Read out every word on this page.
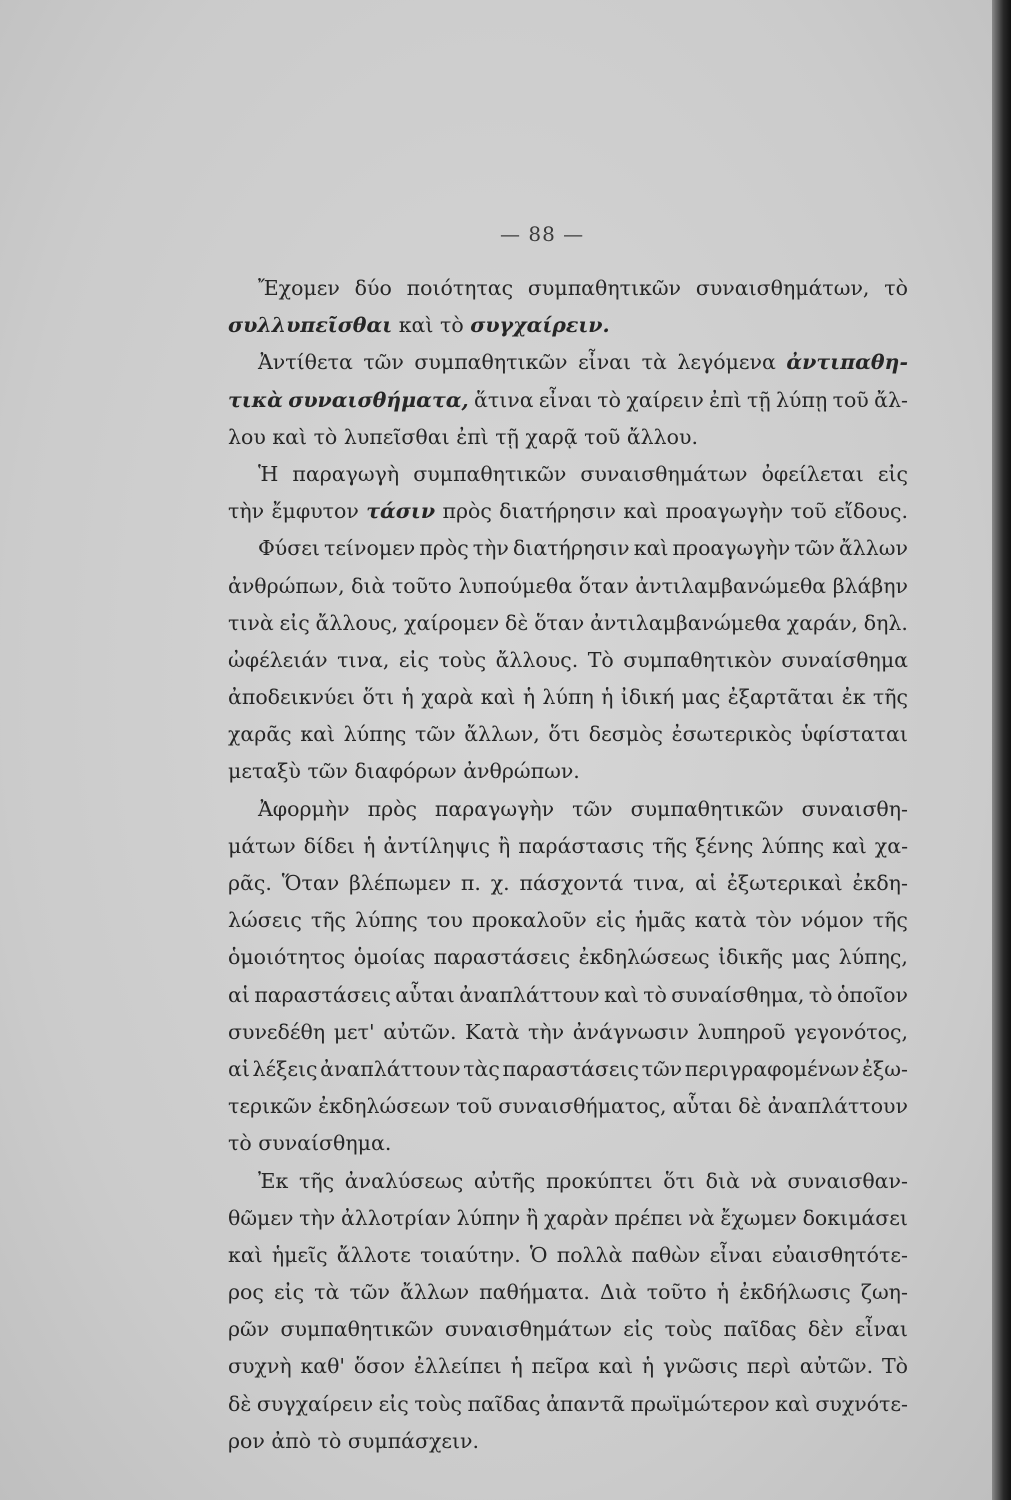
— 88 —
Ἔχομεν δύο ποιότητας συμπαθητικῶν συναισθημάτων, τὸ
συλλυπεῖσθαι καὶ τὸ συγχαίρειν.
Ἀντίθετα τῶν συμπαθητικῶν εἶναι τὰ λεγόμενα ἀντιπαθη-
τικὰ συναισθήματα, ἅτινα εἶναι τὸ χαίρειν ἐπὶ τῇ λύπῃ τοῦ ἄλ-
λου καὶ τὸ λυπεῖσθαι ἐπὶ τῇ χαρᾷ τοῦ ἄλλου.
Ἡ παραγωγὴ συμπαθητικῶν συναισθημάτων ὀφείλεται εἰς
τὴν ἔμφυτον τάσιν πρὸς διατήρησιν καὶ προαγωγὴν τοῦ εἴδους.
Φύσει τείνομεν πρὸς τὴν διατήρησιν καὶ προαγωγὴν τῶν ἄλλων
ἀνθρώπων, διὰ τοῦτο λυπούμεθα ὅταν ἀντιλαμβανώμεθα βλάβην
τινὰ εἰς ἄλλους, χαίρομεν δὲ ὅταν ἀντιλαμβανώμεθα χαράν, δηλ.
ὠφέλειάν τινα, εἰς τοὺς ἄλλους. Τὸ συμπαθητικὸν συναίσθημα
ἀποδεικνύει ὅτι ἡ χαρὰ καὶ ἡ λύπη ἡ ἰδική μας ἐξαρτᾶται ἐκ τῆς
χαρᾶς καὶ λύπης τῶν ἄλλων, ὅτι δεσμὸς ἐσωτερικὸς ὑφίσταται
μεταξὺ τῶν διαφόρων ἀνθρώπων.
Ἀφορμὴν πρὸς παραγωγὴν τῶν συμπαθητικῶν συναισθη-
μάτων δίδει ἡ ἀντίληψις ἢ παράστασις τῆς ξένης λύπης καὶ χα-
ρᾶς. Ὅταν βλέπωμεν π. χ. πάσχοντά τινα, αἱ ἐξωτερικαὶ ἐκδη-
λώσεις τῆς λύπης του προκαλοῦν εἰς ἡμᾶς κατὰ τὸν νόμον τῆς
ὁμοιότητος ὁμοίας παραστάσεις ἐκδηλώσεως ἰδικῆς μας λύπης,
αἱ παραστάσεις αὗται ἀναπλάττουν καὶ τὸ συναίσθημα, τὸ ὁποῖον
συνεδέθη μετ' αὐτῶν. Κατὰ τὴν ἀνάγνωσιν λυπηροῦ γεγονότος,
αἱ λέξεις ἀναπλάττουν τὰς παραστάσεις τῶν περιγραφομένων ἐξω-
τερικῶν ἐκδηλώσεων τοῦ συναισθήματος, αὗται δὲ ἀναπλάττουν
τὸ συναίσθημα.
Ἐκ τῆς ἀναλύσεως αὐτῆς προκύπτει ὅτι διὰ νὰ συναισθαν-
θῶμεν τὴν ἀλλοτρίαν λύπην ἢ χαρὰν πρέπει νὰ ἔχωμεν δοκιμάσει
καὶ ἡμεῖς ἄλλοτε τοιαύτην. Ὁ πολλὰ παθὼν εἶναι εὐαισθητότε-
ρος εἰς τὰ τῶν ἄλλων παθήματα. Διὰ τοῦτο ἡ ἐκδήλωσις ζωη-
ρῶν συμπαθητικῶν συναισθημάτων εἰς τοὺς παῖδας δὲν εἶναι
συχνὴ καθ' ὅσον ἐλλείπει ἡ πεῖρα καὶ ἡ γνῶσις περὶ αὐτῶν. Τὸ
δὲ συγχαίρειν εἰς τοὺς παῖδας ἀπαντᾶ πρωϊμώτερον καὶ συχνότε-
ρον ἀπὸ τὸ συμπάσχειν.
